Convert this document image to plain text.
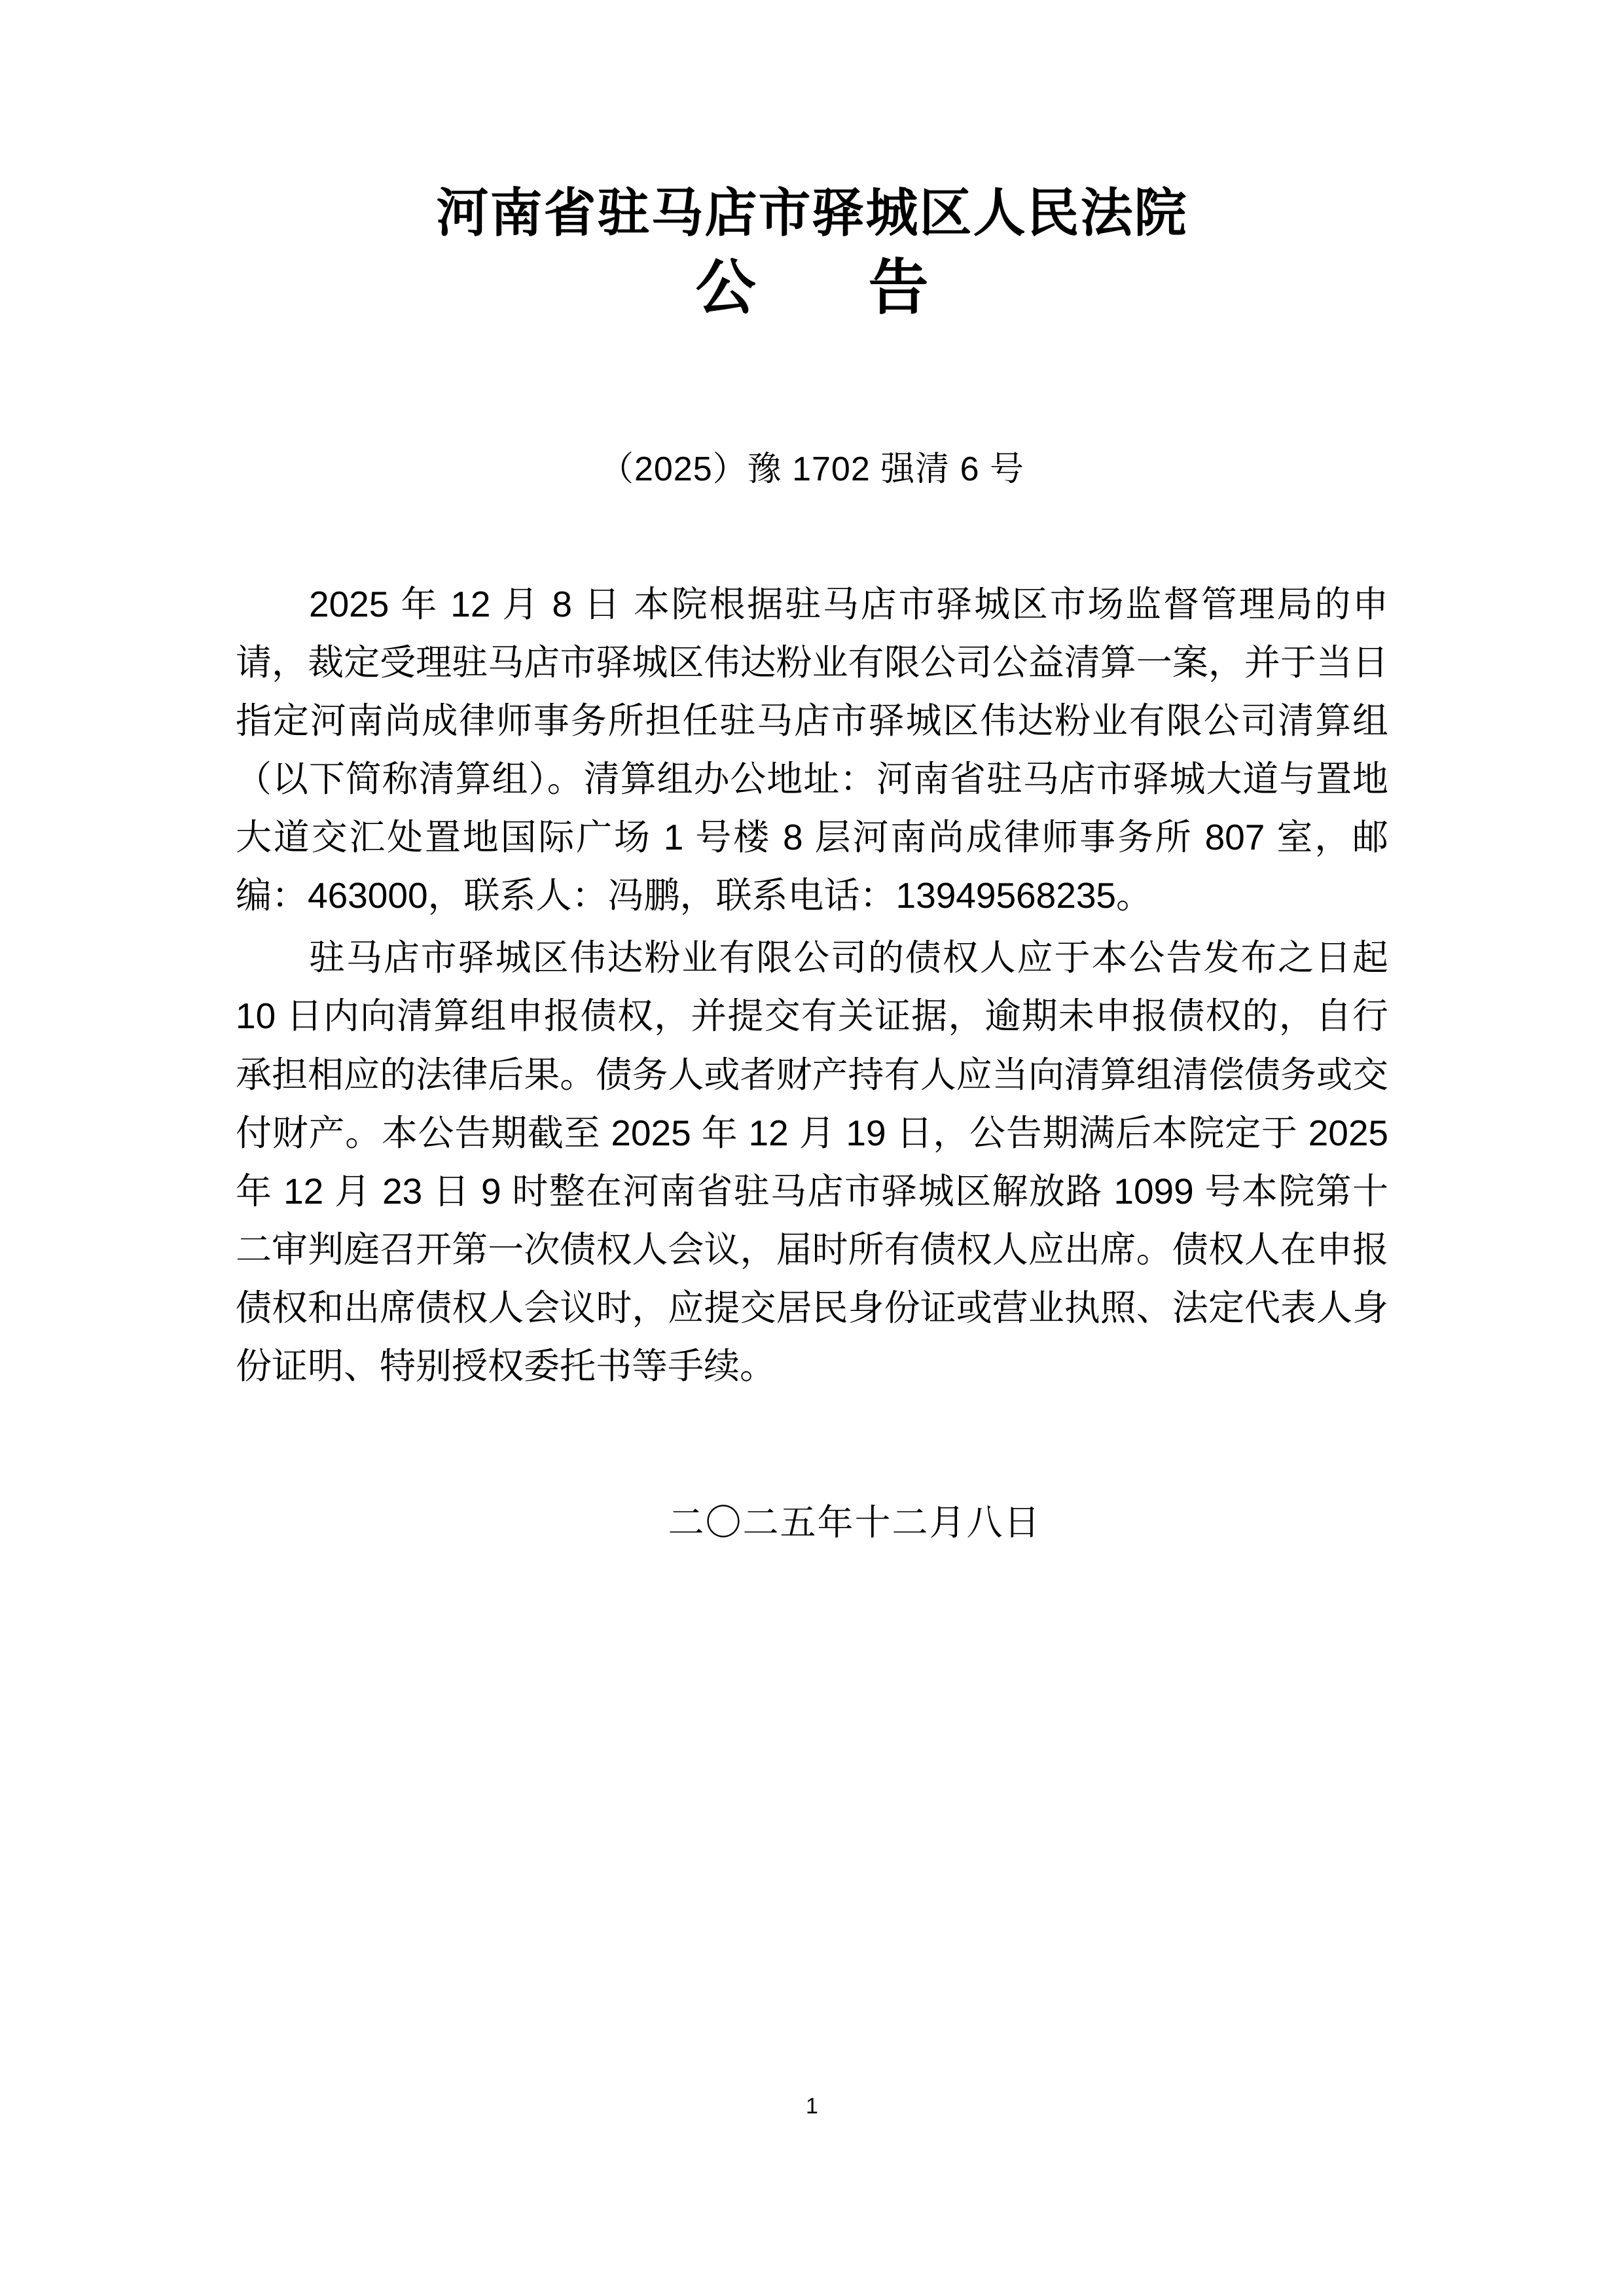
河南省驻马店市驿城区人民法院
公　告
（2025）豫 1702 强清 6 号

2025 年 12 月 8 日 本院根据驻马店市驿城区市场监督管理局的申请，裁定受理驻马店市驿城区伟达粉业有限公司公益清算一案，并于当日指定河南尚成律师事务所担任驻马店市驿城区伟达粉业有限公司清算组（以下简称清算组）。清算组办公地址：河南省驻马店市驿城大道与置地大道交汇处置地国际广场 1 号楼 8 层河南尚成律师事务所 807 室，邮编：463000，联系人：冯鹏，联系电话：13949568235。

驻马店市驿城区伟达粉业有限公司的债权人应于本公告发布之日起 10 日内向清算组申报债权，并提交有关证据，逾期未申报债权的，自行承担相应的法律后果。债务人或者财产持有人应当向清算组清偿债务或交付财产。本公告期截至 2025 年 12 月 19 日，公告期满后本院定于 2025 年 12 月 23 日 9 时整在河南省驻马店市驿城区解放路 1099 号本院第十二审判庭召开第一次债权人会议，届时所有债权人应出席。债权人在申报债权和出席债权人会议时，应提交居民身份证或营业执照、法定代表人身份证明、特别授权委托书等手续。

二〇二五年十二月八日
1
